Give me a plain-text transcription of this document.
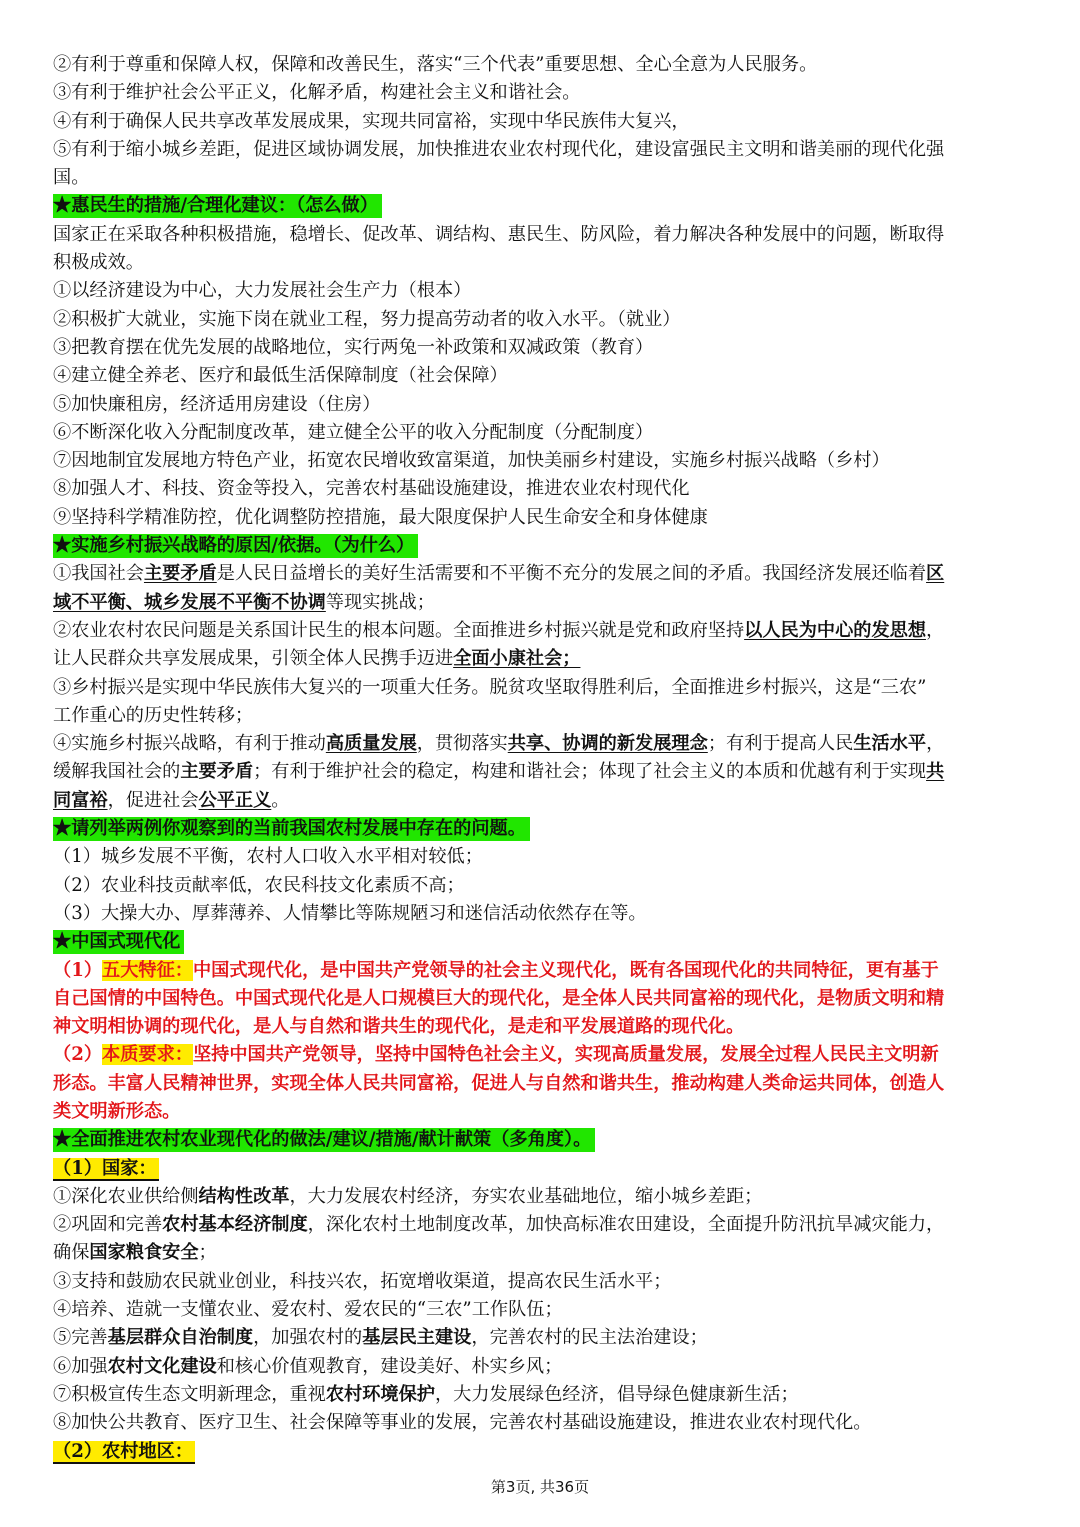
②有利于尊重和保障人权，保障和改善民生，落实“三个代表”重要思想、全心全意为人民服务。
③有利于维护社会公平正义，化解矛盾，构建社会主义和谐社会。
④有利于确保人民共享改革发展成果，实现共同富裕，实现中华民族伟大复兴，
⑤有利于缩小城乡差距，促进区域协调发展，加快推进农业农村现代化，建设富强民主文明和谐美丽的现代化强
国。
★惠民生的措施/合理化建议：（怎么做）
国家正在采取各种积极措施，稳增长、促改革、调结构、惠民生、防风险，着力解决各种发展中的问题，断取得
积极成效。
①以经济建设为中心，大力发展社会生产力（根本）
②积极扩大就业，实施下岗在就业工程，努力提高劳动者的收入水平。（就业）
③把教育摆在优先发展的战略地位，实行两兔一补政策和双减政策（教育）
④建立健全养老、医疗和最低生活保障制度（社会保障）
⑤加快廉租房，经济适用房建设（住房）
⑥不断深化收入分配制度改革，建立健全公平的收入分配制度（分配制度）
⑦因地制宜发展地方特色产业，拓宽农民增收致富渠道，加快美丽乡村建设，实施乡村振兴战略（乡村）
⑧加强人才、科技、资金等投入，完善农村基础设施建设，推进农业农村现代化
⑨坚持科学精准防控，优化调整防控措施，最大限度保护人民生命安全和身体健康
★实施乡村振兴战略的原因/依据。（为什么）
①我国社会主要矛盾是人民日益增长的美好生活需要和不平衡不充分的发展之间的矛盾。我国经济发展还临着区
域不平衡、城乡发展不平衡不协调等现实挑战；
②农业农村农民问题是关系国计民生的根本问题。全面推进乡村振兴就是党和政府坚持以人民为中心的发思想，
让人民群众共享发展成果，引领全体人民携手迈进全面小康社会；
③乡村振兴是实现中华民族伟大复兴的一项重大任务。脱贫攻坚取得胜利后，全面推进乡村振兴，这是“三农”
工作重心的历史性转移；
④实施乡村振兴战略，有利于推动高质量发展，贯彻落实共享、协调的新发展理念；有利于提高人民生活水平，
缓解我国社会的主要矛盾；有利于维护社会的稳定，构建和谐社会；体现了社会主义的本质和优越有利于实现共
同富裕，促进社会公平正义。
★请列举两例你观察到的当前我国农村发展中存在的问题。
（1）城乡发展不平衡，农村人口收入水平相对较低；
（2）农业科技贡献率低，农民科技文化素质不高；
（3）大操大办、厚葬薄养、人情攀比等陈规陋习和迷信活动依然存在等。
★中国式现代化
（1）五大特征：中国式现代化，是中国共产党领导的社会主义现代化，既有各国现代化的共同特征，更有基于
自己国情的中国特色。中国式现代化是人口规模巨大的现代化，是全体人民共同富裕的现代化，是物质文明和精
神文明相协调的现代化，是人与自然和谐共生的现代化，是走和平发展道路的现代化。
（2）本质要求：坚持中国共产党领导，坚持中国特色社会主义，实现高质量发展，发展全过程人民民主文明新
形态。丰富人民精神世界，实现全体人民共同富裕，促进人与自然和谐共生，推动构建人类命运共同体，创造人
类文明新形态。
★全面推进农村农业现代化的做法/建议/措施/献计献策（多角度）。
（1）国家：
①深化农业供给侧结构性改革，大力发展农村经济，夯实农业基础地位，缩小城乡差距；
②巩固和完善农村基本经济制度，深化农村土地制度改革，加快高标准农田建设，全面提升防汛抗旱减灾能力，
确保国家粮食安全；
③支持和鼓励农民就业创业，科技兴农，拓宽增收渠道，提高农民生活水平；
④培养、造就一支懂农业、爱农村、爱农民的“三农”工作队伍；
⑤完善基层群众自治制度，加强农村的基层民主建设，完善农村的民主法治建设；
⑥加强农村文化建设和核心价值观教育，建设美好、朴实乡风；
⑦积极宣传生态文明新理念，重视农村环境保护，大力发展绿色经济，倡导绿色健康新生活；
⑧加快公共教育、医疗卫生、社会保障等事业的发展，完善农村基础设施建设，推进农业农村现代化。
（2）农村地区：
第3页, 共36页
